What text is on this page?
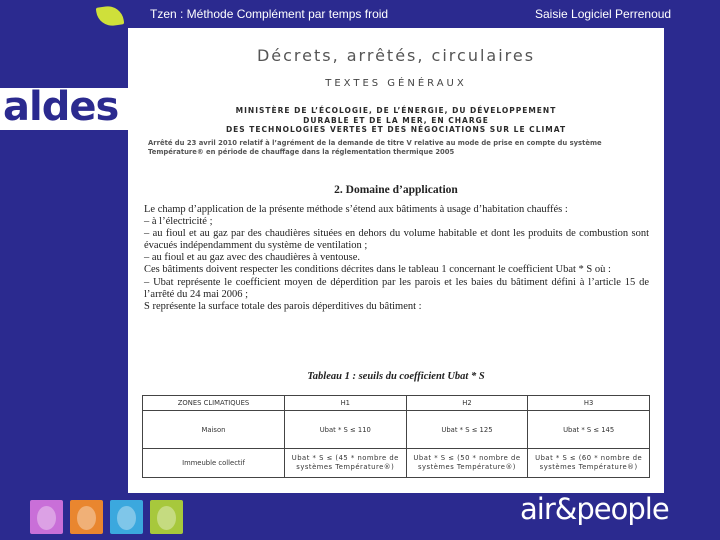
aldes
Tzen : Méthode Complément par temps froid	Saisie Logiciel Perrenoud
Décrets, arrêtés, circulaires
TEXTES GÉNÉRAUX
MINISTÈRE DE L’ÉCOLOGIE, DE L’ÉNERGIE, DU DÉVELOPPEMENT
DURABLE ET DE LA MER, EN CHARGE
DES TECHNOLOGIES VERTES ET DES NÉGOCIATIONS SUR LE CLIMAT
Arrêté du 23 avril 2010 relatif à l’agrément de la demande de titre V relative au mode de prise en compte du système Température® en période de chauffage dans la réglementation thermique 2005
2. Domaine d’application

Le champ d’application de la présente méthode s’étend aux bâtiments à usage d’habitation chauffés :

– à l’électricité ;

– au fioul et au gaz par des chaudières situées en dehors du volume habitable et dont les produits de combustion sont évacués indépendamment du système de ventilation ;

– au fioul et au gaz avec des chaudières à ventouse.

Ces bâtiments doivent respecter les conditions décrites dans le tableau 1 concernant le coefficient Ubat * S où :

– Ubat représente le coefficient moyen de déperdition par les parois et les baies du bâtiment défini à l’article 15 de l’arrêté du 24 mai 2006 ;

S représente la surface totale des parois déperditives du bâtiment :

Tableau 1 : seuils du coefficient Ubat * S
ZONES CLIMATIQUES	H1	H2	H3
Maison	Ubat * S ≤ 110	Ubat * S ≤ 125	Ubat * S ≤ 145
Immeuble collectif	Ubat * S ≤ (45 * nombre de systèmes Température®)	Ubat * S ≤ (50 * nombre de systèmes Température®)	Ubat * S ≤ (60 * nombre de systèmes Température®)
air&people
